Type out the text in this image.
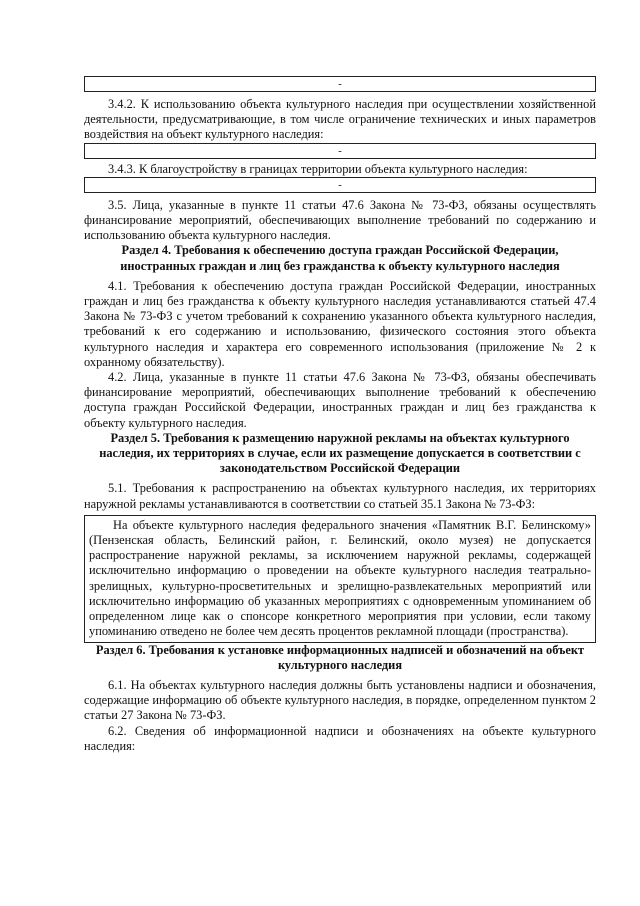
-

3.4.2. К использованию объекта культурного наследия при осуществлении хозяйственной деятельности, предусматривающие, в том числе ограничение технических и иных параметров воздействия на объект культурного наследия:

-

3.4.3. К благоустройству в границах территории объекта культурного наследия:

-

3.5. Лица, указанные в пункте 11 статьи 47.6 Закона № 73-ФЗ, обязаны осуществлять финансирование мероприятий, обеспечивающих выполнение требований по содержанию и использованию объекта культурного наследия.

Раздел 4. Требования к обеспечению доступа граждан Российской Федерации, иностранных граждан и лиц без гражданства к объекту культурного наследия

4.1. Требования к обеспечению доступа граждан Российской Федерации, иностранных граждан и лиц без гражданства к объекту культурного наследия устанавливаются статьей 47.4 Закона № 73-ФЗ с учетом требований к сохранению указанного объекта культурного наследия, требований к его содержанию и использованию, физического состояния этого объекта культурного наследия и характера его современного использования (приложение № 2 к охранному обязательству).

4.2. Лица, указанные в пункте 11 статьи 47.6 Закона № 73-ФЗ, обязаны обеспечивать финансирование мероприятий, обеспечивающих выполнение требований к обеспечению доступа граждан Российской Федерации, иностранных граждан и лиц без гражданства к объекту культурного наследия.

Раздел 5. Требования к размещению наружной рекламы на объектах культурного наследия, их территориях в случае, если их размещение допускается в соответствии с законодательством Российской Федерации

5.1. Требования к распространению на объектах культурного наследия, их территориях наружной рекламы устанавливаются в соответствии со статьей 35.1 Закона № 73-ФЗ:

На объекте культурного наследия федерального значения «Памятник В.Г. Белинскому» (Пензенская область, Белинский район, г. Белинский, около музея) не допускается распространение наружной рекламы, за исключением наружной рекламы, содержащей исключительно информацию о проведении на объекте культурного наследия театрально-зрелищных, культурно-просветительных и зрелищно-развлекательных мероприятий или исключительно информацию об указанных мероприятиях с одновременным упоминанием об определенном лице как о спонсоре конкретного мероприятия при условии, если такому упоминанию отведено не более чем десять процентов рекламной площади (пространства).

Раздел 6. Требования к установке информационных надписей и обозначений на объект культурного наследия

6.1. На объектах культурного наследия должны быть установлены надписи и обозначения, содержащие информацию об объекте культурного наследия, в порядке, определенном пунктом 2 статьи 27 Закона № 73-ФЗ.

6.2. Сведения об информационной надписи и обозначениях на объекте культурного наследия:
